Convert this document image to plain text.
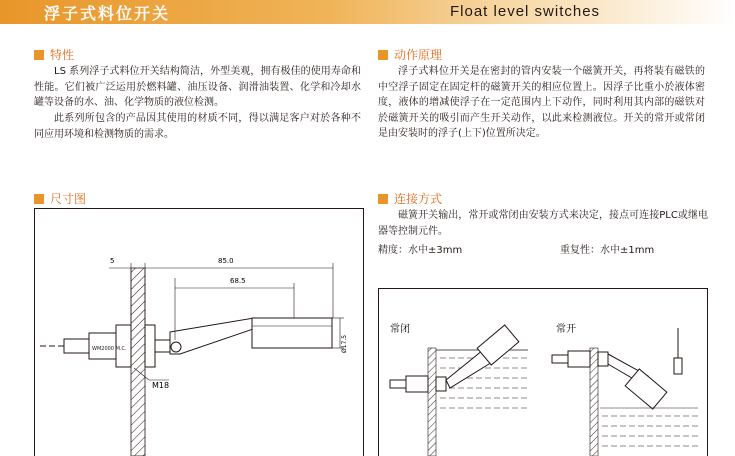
浮子式料位开关	Float level switches
特性
LS 系列浮子式料位开关结构简洁，外型美观，拥有极佳的使用寿命和性能。它们被广泛运用於燃料罐、油压设备、润滑油装置、化学和冷却水罐等设备的水、油、化学物质的液位检测。
此系列所包含的产品因其使用的材质不同，得以满足客户对於各种不同应用环境和检测物质的需求。
动作原理
浮子式料位开关是在密封的管内安装一个磁簧开关，再将装有磁铁的中空浮子固定在固定杆的磁簧开关的相应位置上。因浮子比重小於液体密度，液体的增减使浮子在一定范围内上下动作，同时利用其内部的磁铁对於磁簧开关的吸引而产生开关动作，以此来检测液位。开关的常开或常闭是由安装时的浮子(上下)位置所决定。
尺寸图
WM2000 M.C.
5	85.0
68.5
Ø17.5
M18
连接方式
磁簧开关输出，常开或常闭由安装方式来决定，接点可连接PLC或继电器等控制元件。
精度：水中±3mm	重复性：水中±1mm
常闭	常开
